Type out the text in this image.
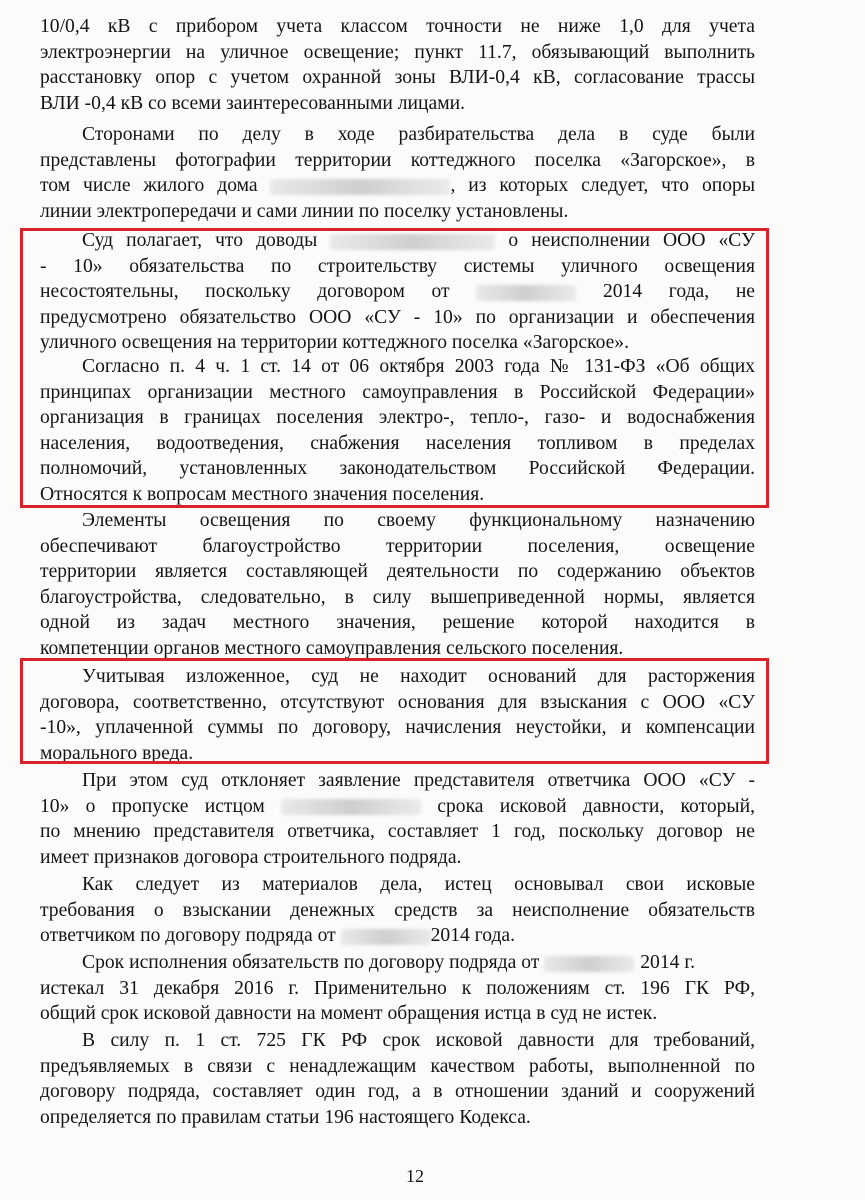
10/0,4 кВ с прибором учета классом точности не ниже 1,0 для учета
электроэнергии на уличное освещение; пункт 11.7, обязывающий выполнить
расстановку опор с учетом охранной зоны ВЛИ-0,4 кВ, согласование трассы
ВЛИ -0,4 кВ со всеми заинтересованными лицами.
Сторонами по делу в ходе разбирательства дела в суде были
представлены фотографии территории коттеджного поселка «Загорское», в
том числе жилого дома	, из которых следует, что опоры
линии электропередачи и сами линии по поселку установлены.
Суд полагает, что доводы	о неисполнении ООО «СУ
- 10» обязательства по строительству системы уличного освещения
несостоятельны, поскольку договором от	2014 года, не
предусмотрено обязательство ООО «СУ - 10» по организации и обеспечения
уличного освещения на территории коттеджного поселка «Загорское».
Согласно п. 4 ч. 1 ст. 14 от 06 октября 2003 года № 131-ФЗ «Об общих
принципах организации местного самоуправления в Российской Федерации»
организация в границах поселения электро-, тепло-, газо- и водоснабжения
населения, водоотведения, снабжения населения топливом в пределах
полномочий, установленных законодательством Российской Федерации.
Относятся к вопросам местного значения поселения.
Элементы освещения по своему функциональному назначению
обеспечивают благоустройство территории поселения, освещение
территории является составляющей деятельности по содержанию объектов
благоустройства, следовательно, в силу вышеприведенной нормы, является
одной из задач местного значения, решение которой находится в
компетенции органов местного самоуправления сельского поселения.
Учитывая изложенное, суд не находит оснований для расторжения
договора, соответственно, отсутствуют основания для взыскания с ООО «СУ
-10», уплаченной суммы по договору, начисления неустойки, и компенсации
морального вреда.
При этом суд отклоняет заявление представителя ответчика ООО «СУ -
10» о пропуске истцом	срока исковой давности, который,
по мнению представителя ответчика, составляет 1 год, поскольку договор не
имеет признаков договора строительного подряда.
Как следует из материалов дела, истец основывал свои исковые
требования о взыскании денежных средств за неисполнение обязательств
ответчиком по договору подряда от	2014 года.
Срок исполнения обязательств по договору подряда от	2014 г.
истекал 31 декабря 2016 г. Применительно к положениям ст. 196 ГК РФ,
общий срок исковой давности на момент обращения истца в суд не истек.
В силу п. 1 ст. 725 ГК РФ срок исковой давности для требований,
предъявляемых в связи с ненадлежащим качеством работы, выполненной по
договору подряда, составляет один год, а в отношении зданий и сооружений
определяется по правилам статьи 196 настоящего Кодекса.
12
